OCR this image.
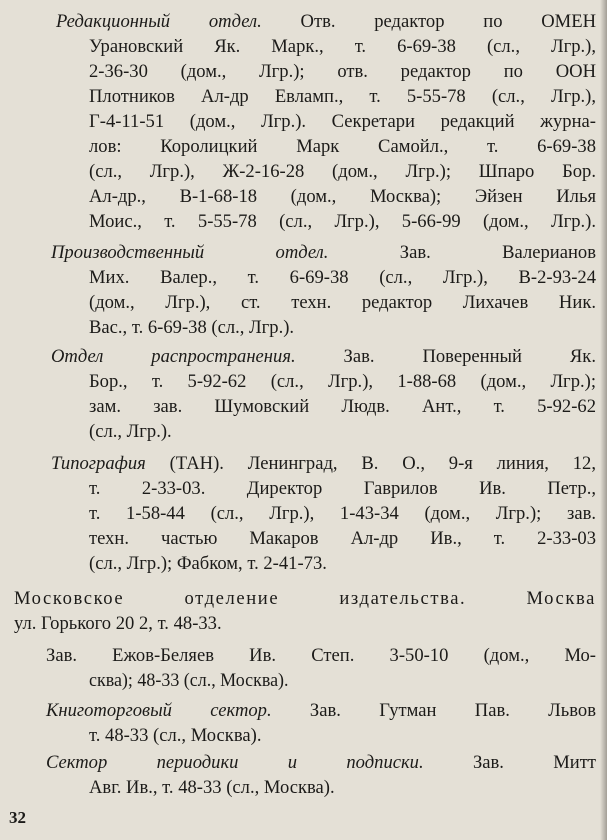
Редакционный отдел. Отв. редактор по ОМЕН
Урановский Як. Марк., т. 6-69-38 (сл., Лгр.),
2-36-30 (дом., Лгр.); отв. редактор по ООН
Плотников Ал-др Евламп., т. 5-55-78 (сл., Лгр.),
Г-4-11-51 (дом., Лгр.). Секретари редакций журна-
лов: Королицкий Марк Самойл., т. 6-69-38
(сл., Лгр.), Ж-2-16-28 (дом., Лгр.); Шпаро Бор.
Ал-др., В-1-68-18 (дом., Москва); Эйзен Илья
Моис., т. 5-55-78 (сл., Лгр.), 5-66-99 (дом., Лгр.).
Производственный отдел. Зав. Валерианов
Мих. Валер., т. 6-69-38 (сл., Лгр.), В-2-93-24
(дом., Лгр.), ст. техн. редактор Лихачев Ник.
Вас., т. 6-69-38 (сл., Лгр.).
Отдел распространения. Зав. Поверенный Як.
Бор., т. 5-92-62 (сл., Лгр.), 1-88-68 (дом., Лгр.);
зам. зав. Шумовский Людв. Ант., т. 5-92-62
(сл., Лгр.).
Типография (ТАН). Ленинград, В. О., 9-я линия, 12,
т. 2-33-03. Директор Гаврилов Ив. Петр.,
т. 1-58-44 (сл., Лгр.), 1-43-34 (дом., Лгр.); зав.
техн. частью Макаров Ал-др Ив., т. 2-33-03
(сл., Лгр.); Фабком, т. 2-41-73.
Московское отделение издательства. Москва
ул. Горького 20 2, т. 48-33.
Зав. Ежов-Беляев Ив. Степ. 3-50-10 (дом., Мо-
сква); 48-33 (сл., Москва).
Книготорговый сектор. Зав. Гутман Пав. Львов
т. 48-33 (сл., Москва).
Сектор периодики и подписки. Зав. Митт
Авг. Ив., т. 48-33 (сл., Москва).
32
